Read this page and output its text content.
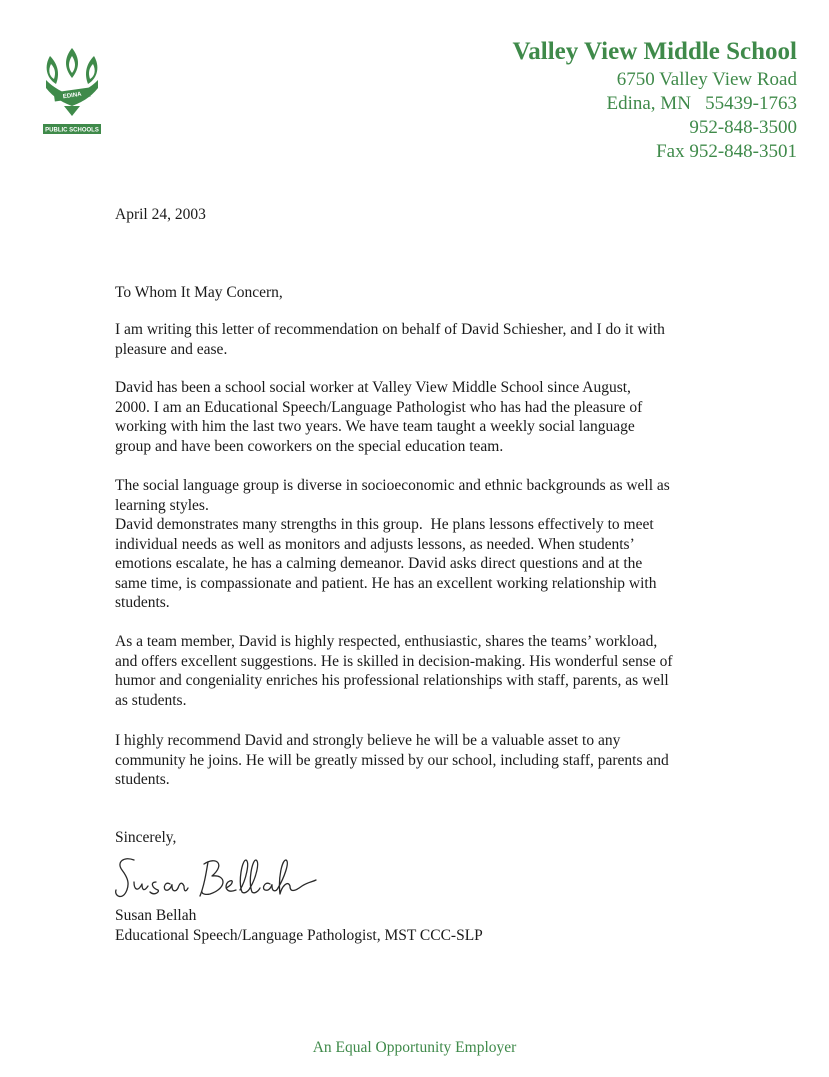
EDINA
PUBLIC SCHOOLS
Valley View Middle School
6750 Valley View Road
Edina, MN   55439-1763
952-848-3500
Fax 952-848-3501
April 24, 2003
To Whom It May Concern,
I am writing this letter of recommendation on behalf of David Schiesher, and I do it with
pleasure and ease.
David has been a school social worker at Valley View Middle School since August,
2000. I am an Educational Speech/Language Pathologist who has had the pleasure of
working with him the last two years. We have team taught a weekly social language
group and have been coworkers on the special education team.
The social language group is diverse in socioeconomic and ethnic backgrounds as well as
learning styles.
David demonstrates many strengths in this group.  He plans lessons effectively to meet
individual needs as well as monitors and adjusts lessons, as needed. When students’
emotions escalate, he has a calming demeanor. David asks direct questions and at the
same time, is compassionate and patient. He has an excellent working relationship with
students.
As a team member, David is highly respected, enthusiastic, shares the teams’ workload,
and offers excellent suggestions. He is skilled in decision-making. His wonderful sense of
humor and congeniality enriches his professional relationships with staff, parents, as well
as students.
I highly recommend David and strongly believe he will be a valuable asset to any
community he joins. He will be greatly missed by our school, including staff, parents and
students.
Sincerely,
Susan Bellah
Educational Speech/Language Pathologist, MST CCC-SLP
An Equal Opportunity Employer
